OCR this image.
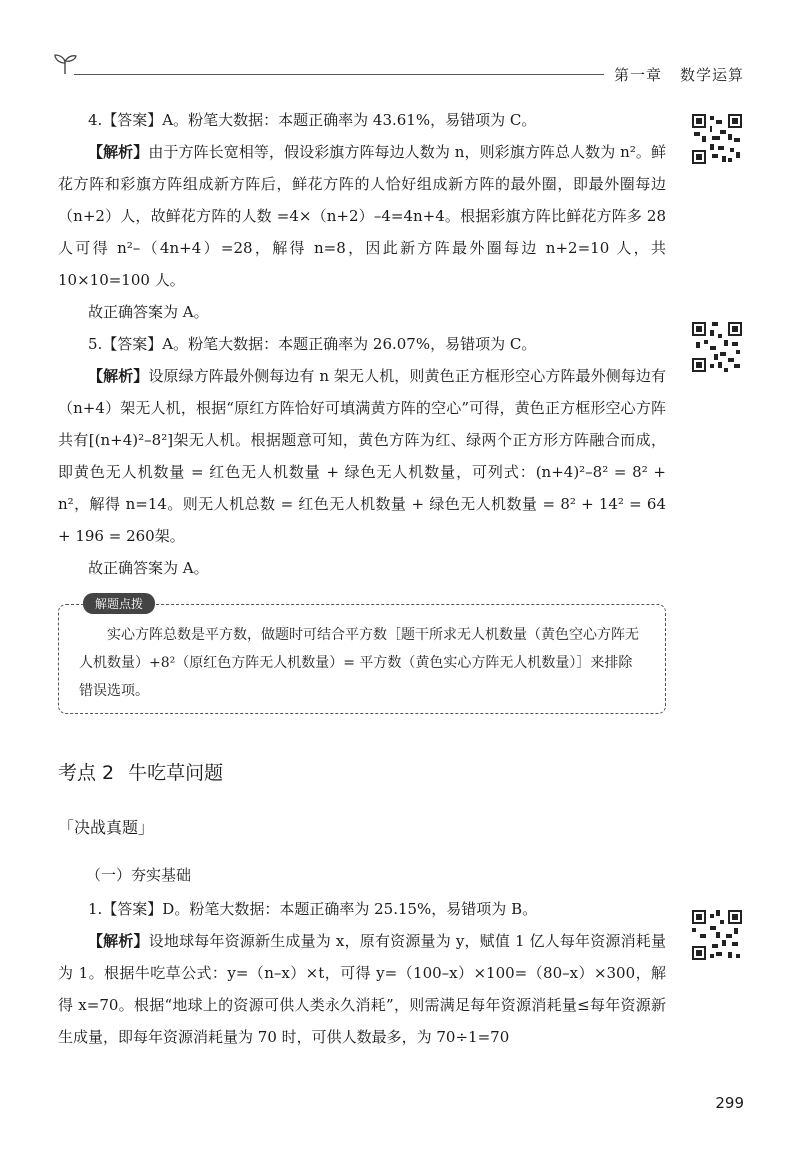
第一章 数学运算

4.【答案】A。粉笔大数据：本题正确率为 43.61%，易错项为 C。

【解析】由于方阵长宽相等，假设彩旗方阵每边人数为 n，则彩旗方阵总人数为 n²。鲜花方阵和彩旗方阵组成新方阵后，鲜花方阵的人恰好组成新方阵的最外圈，即最外圈每边（n+2）人，故鲜花方阵的人数 =4×（n+2）–4=4n+4。根据彩旗方阵比鲜花方阵多 28 人可得 n²–（4n+4）=28，解得 n=8，因此新方阵最外圈每边 n+2=10 人，共 10×10=100 人。

故正确答案为 A。

5.【答案】A。粉笔大数据：本题正确率为 26.07%，易错项为 C。

【解析】设原绿方阵最外侧每边有 n 架无人机，则黄色正方框形空心方阵最外侧每边有（n+4）架无人机，根据“原红方阵恰好可填满黄方阵的空心”可得，黄色正方框形空心方阵共有[(n+4)²–8²]架无人机。根据题意可知，黄色方阵为红、绿两个正方形方阵融合而成，即黄色无人机数量 = 红色无人机数量 + 绿色无人机数量，可列式：(n+4)²–8² = 8² + n²，解得 n=14。则无人机总数 = 红色无人机数量 + 绿色无人机数量 = 8² + 14² = 64 + 196 = 260架。

故正确答案为 A。

解题点拨

实心方阵总数是平方数，做题时可结合平方数［题干所求无人机数量（黄色空心方阵无人机数量）+8²（原红色方阵无人机数量）= 平方数（黄色实心方阵无人机数量）］来排除错误选项。

考点 2 牛吃草问题
「决战真题」
（一）夯实基础

1.【答案】D。粉笔大数据：本题正确率为 25.15%，易错项为 B。

【解析】设地球每年资源新生成量为 x，原有资源量为 y，赋值 1 亿人每年资源消耗量为 1。根据牛吃草公式：y=（n–x）×t，可得 y=（100–x）×100=（80–x）×300，解得 x=70。根据“地球上的资源可供人类永久消耗”，则需满足每年资源消耗量≤每年资源新生成量，即每年资源消耗量为 70 时，可供人数最多，为 70÷1=70

299
